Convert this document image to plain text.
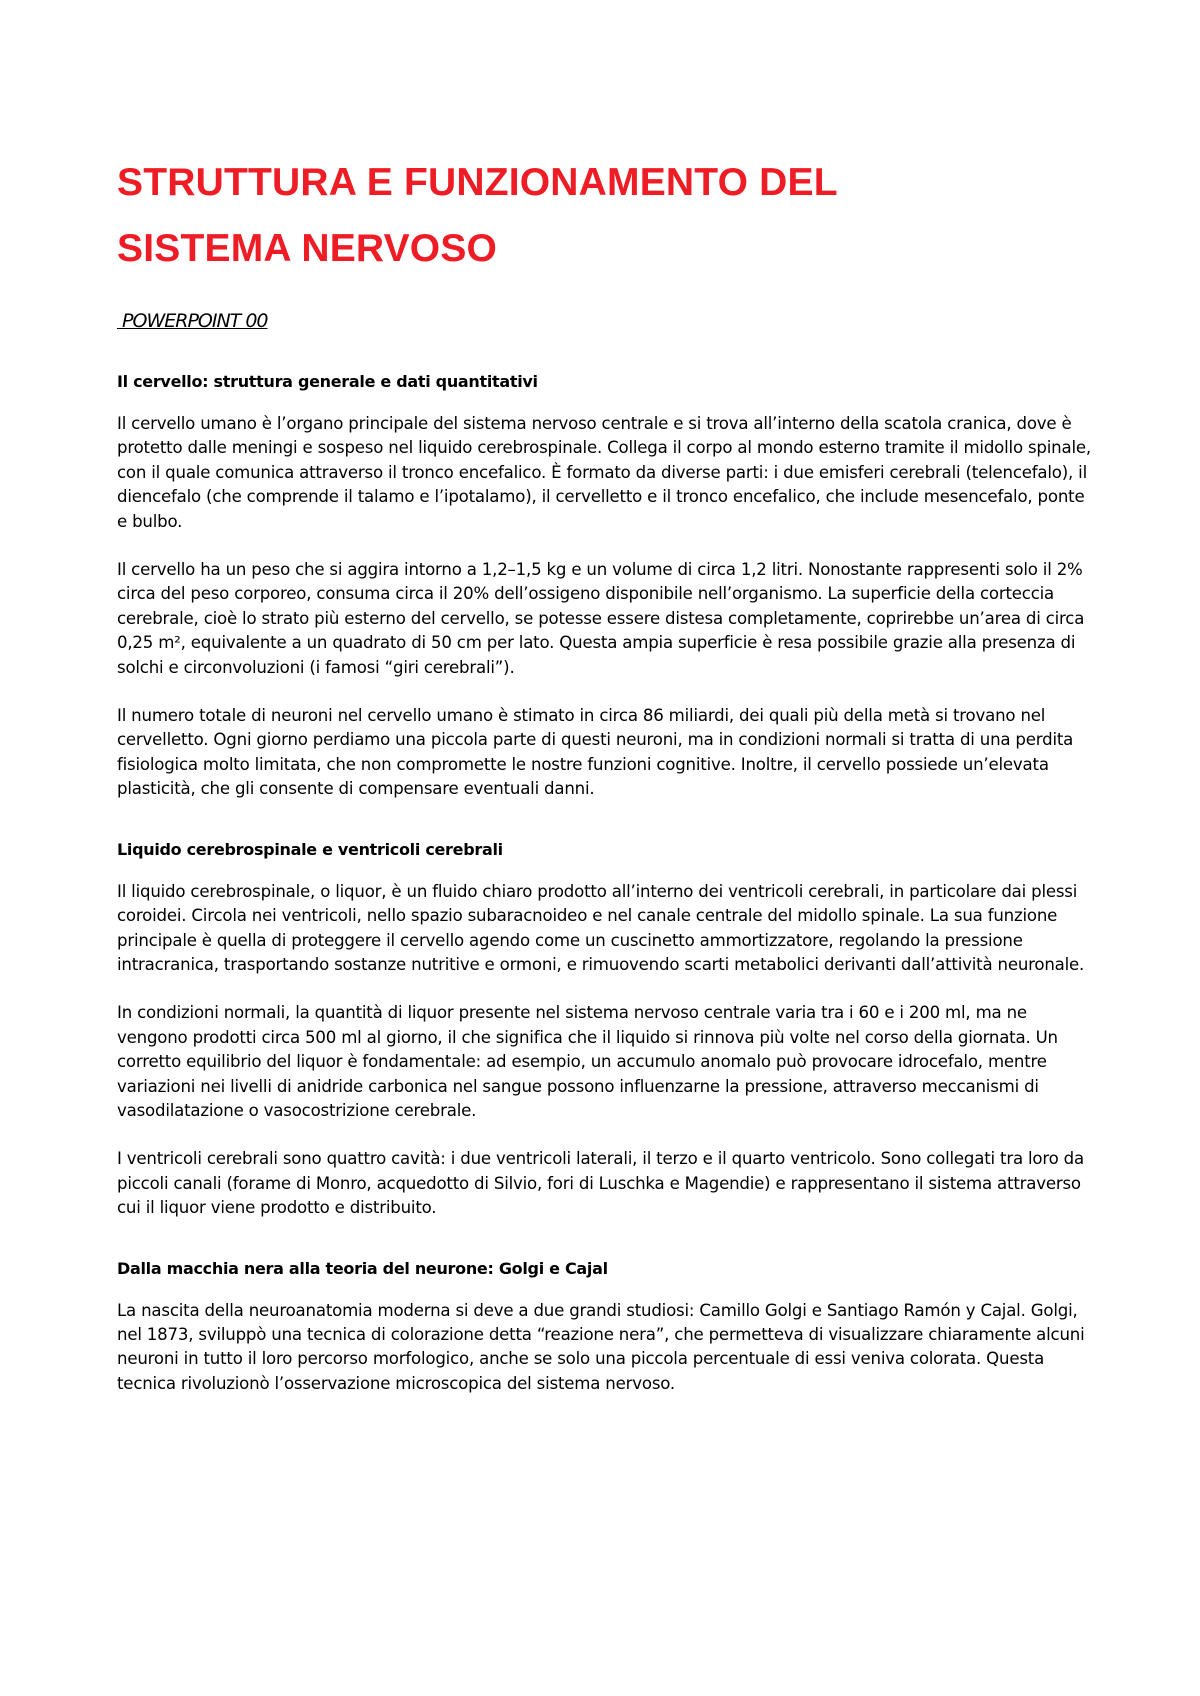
STRUTTURA E FUNZIONAMENTO DEL
SISTEMA NERVOSO
POWERPOINT 00
Il cervello: struttura generale e dati quantitativi

Il cervello umano è l’organo principale del sistema nervoso centrale e si trova all’interno della scatola cranica, dove è protetto dalle meningi e sospeso nel liquido cerebrospinale. Collega il corpo al mondo esterno tramite il midollo spinale, con il quale comunica attraverso il tronco encefalico. È formato da diverse parti: i due emisferi cerebrali (telencefalo), il diencefalo (che comprende il talamo e l’ipotalamo), il cervelletto e il tronco encefalico, che include mesencefalo, ponte e bulbo.

Il cervello ha un peso che si aggira intorno a 1,2–1,5 kg e un volume di circa 1,2 litri. Nonostante rappresenti solo il 2% circa del peso corporeo, consuma circa il 20% dell’ossigeno disponibile nell’organismo. La superficie della corteccia cerebrale, cioè lo strato più esterno del cervello, se potesse essere distesa completamente, coprirebbe un’area di circa 0,25 m², equivalente a un quadrato di 50 cm per lato. Questa ampia superficie è resa possibile grazie alla presenza di solchi e circonvoluzioni (i famosi “giri cerebrali”).

Il numero totale di neuroni nel cervello umano è stimato in circa 86 miliardi, dei quali più della metà si trovano nel cervelletto. Ogni giorno perdiamo una piccola parte di questi neuroni, ma in condizioni normali si tratta di una perdita fisiologica molto limitata, che non compromette le nostre funzioni cognitive. Inoltre, il cervello possiede un’elevata plasticità, che gli consente di compensare eventuali danni.

Liquido cerebrospinale e ventricoli cerebrali

Il liquido cerebrospinale, o liquor, è un fluido chiaro prodotto all’interno dei ventricoli cerebrali, in particolare dai plessi coroidei. Circola nei ventricoli, nello spazio subaracnoideo e nel canale centrale del midollo spinale. La sua funzione principale è quella di proteggere il cervello agendo come un cuscinetto ammortizzatore, regolando la pressione intracranica, trasportando sostanze nutritive e ormoni, e rimuovendo scarti metabolici derivanti dall’attività neuronale.

In condizioni normali, la quantità di liquor presente nel sistema nervoso centrale varia tra i 60 e i 200 ml, ma ne vengono prodotti circa 500 ml al giorno, il che significa che il liquido si rinnova più volte nel corso della giornata. Un corretto equilibrio del liquor è fondamentale: ad esempio, un accumulo anomalo può provocare idrocefalo, mentre variazioni nei livelli di anidride carbonica nel sangue possono influenzarne la pressione, attraverso meccanismi di vasodilatazione o vasocostrizione cerebrale.

I ventricoli cerebrali sono quattro cavità: i due ventricoli laterali, il terzo e il quarto ventricolo. Sono collegati tra loro da piccoli canali (forame di Monro, acquedotto di Silvio, fori di Luschka e Magendie) e rappresentano il sistema attraverso cui il liquor viene prodotto e distribuito.

Dalla macchia nera alla teoria del neurone: Golgi e Cajal

La nascita della neuroanatomia moderna si deve a due grandi studiosi: Camillo Golgi e Santiago Ramón y Cajal. Golgi, nel 1873, sviluppò una tecnica di colorazione detta “reazione nera”, che permetteva di visualizzare chiaramente alcuni neuroni in tutto il loro percorso morfologico, anche se solo una piccola percentuale di essi veniva colorata. Questa tecnica rivoluzionò l’osservazione microscopica del sistema nervoso.
